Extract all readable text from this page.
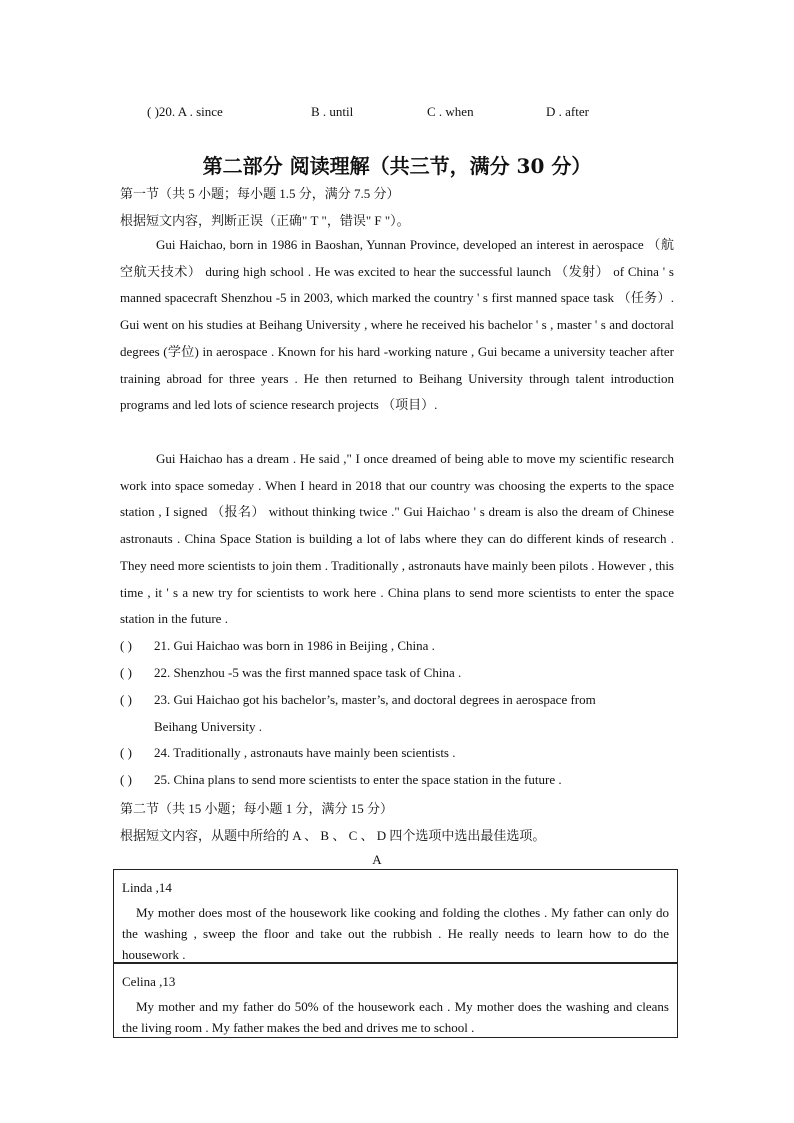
( )20. A . since	B . until	C . when	D . after
第二部分 阅读理解（共三节，满分 30 分）
第一节（共 5 小题；每小题 1.5 分，满分 7.5 分）
根据短文内容，判断正误（正确" T "，错误" F "）。

Gui Haichao, born in 1986 in Baoshan, Yunnan Province, developed an interest in aerospace （航空航天技术） during high school . He was excited to hear the successful launch （发射） of China ' s manned spacecraft Shenzhou -5 in 2003, which marked the country ' s first manned space task （任务）. Gui went on his studies at Beihang University , where he received his bachelor ' s , master ' s and doctoral degrees (学位) in aerospace . Known for his hard -working nature , Gui became a university teacher after training abroad for three years . He then returned to Beihang University through talent introduction programs and led lots of science research projects （项目）.

Gui Haichao has a dream . He said ," I once dreamed of being able to move my scientific research work into space someday . When I heard in 2018 that our country was choosing the experts to the space station , I signed （报名） without thinking twice ." Gui Haichao ' s dream is also the dream of Chinese astronauts . China Space Station is building a lot of labs where they can do different kinds of research . They need more scientists to join them . Traditionally , astronauts have mainly been pilots . However , this time , it ' s a new try for scientists to work here . China plans to send more scientists to enter the space station in the future .

( ) 21. Gui Haichao was born in 1986 in Beijing , China .
( ) 22. Shenzhou -5 was the first manned space task of China .
( ) 23. Gui Haichao got his bachelor’s, master’s, and doctoral degrees in aerospace from
Beihang University .
( ) 24. Traditionally , astronauts have mainly been scientists .
( ) 25. China plans to send more scientists to enter the space station in the future .
第二节（共 15 小题；每小题 1 分，满分 15 分）
根据短文内容，从题中所给的 A 、 B 、 C 、 D 四个选项中选出最佳选项。
A
Linda ,14

My mother does most of the housework like cooking and folding the clothes . My father can only do the washing , sweep the floor and take out the rubbish . He really needs to learn how to do the housework .

Celina ,13

My mother and my father do 50% of the housework each . My mother does the washing and cleans the living room . My father makes the bed and drives me to school .
